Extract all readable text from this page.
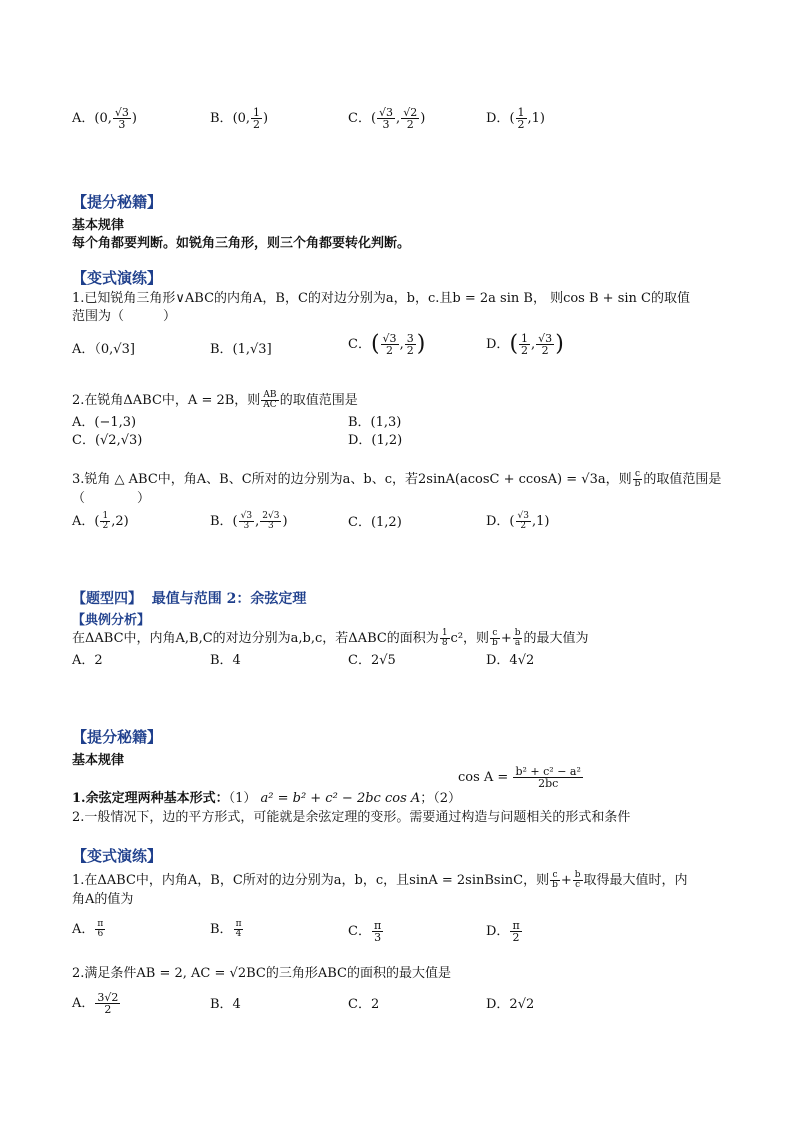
A．(0, $\frac{√3}{3}$ )	B．(0, $\frac{1}{2}$ )	C．( $\frac{√3}{3}$ , $\frac{√2}{2}$ )	D．( $\frac{1}{2} ,1$)
【提分秘籍】
基本规律
每个角都要判断。如锐角三角形，则三个角都要转化判断。
【变式演练】
1.已知锐角三角形∨ABC的内角A，B，C的对边分别为a，b，c.且b = 2a sin B， 则cos B + sin C的取值
范围为（　　　）
A．（0,√3]	B．(1,√3]	C．( $\frac{√3}{2}$ , $\frac{3}{2}$ )	D．( $\frac{1}{2}$ , $\frac{√3}{2}$ )
2.在锐角ΔABC中，A = 2B，则 $\frac{AB}{AC}$ 的取值范围是
A．(−1,3)	B．(1,3)
C．(√2,√3)	D．(1,2)
3.锐角 △ ABC中，角A、B、C所对的边分别为a、b、c，若2sinA(acosC + ccosA) = √3a，则 $\frac{c}{b}$ 的取值范围是
（　　　　）
A．( $\frac{1}{2} ,2$)	B．( $\frac{√3}{3}$ , $\frac{2√3}{3}$ )	C．(1,2)	D．( $\frac{√3}{2} ,1$)
【题型四】 最值与范围 2：余弦定理
【典例分析】
在ΔABC中，内角A,B,C的对边分别为a,b,c，若ΔABC的面积为 $\frac{1}{8} c^2$，则 $\frac{c}{b} + \frac{b}{a}$ 的最大值为
A．2	B．4	C．2√5	D．4√2
【提分秘籍】
基本规律
$\cos A = \frac{\text{b² + c² − a²}}{2bc}$
1.余弦定理两种基本形式：（1） a² = b² + c² − 2bc cos A；（2）
2.一般情况下，边的平方形式，可能就是余弦定理的变形。需要通过构造与问题相关的形式和条件
【变式演练】
1.在ΔABC中，内角A，B，C所对的边分别为a，b，c，且sinA = 2sinBsinC，则 $\frac{c}{b} + \frac{b}{c}$ 取得最大值时，内
角A的值为
A． $\frac{\pi}{6}$	B． $\frac{\pi}{4}$	C． $\frac{\pi}{3}$	D． $\frac{\pi}{2}$
2.满足条件AB = 2, AC = √2BC的三角形ABC的面积的最大值是
A． $\frac{3√2}{2}$	B．4	C．2	D．2√2
